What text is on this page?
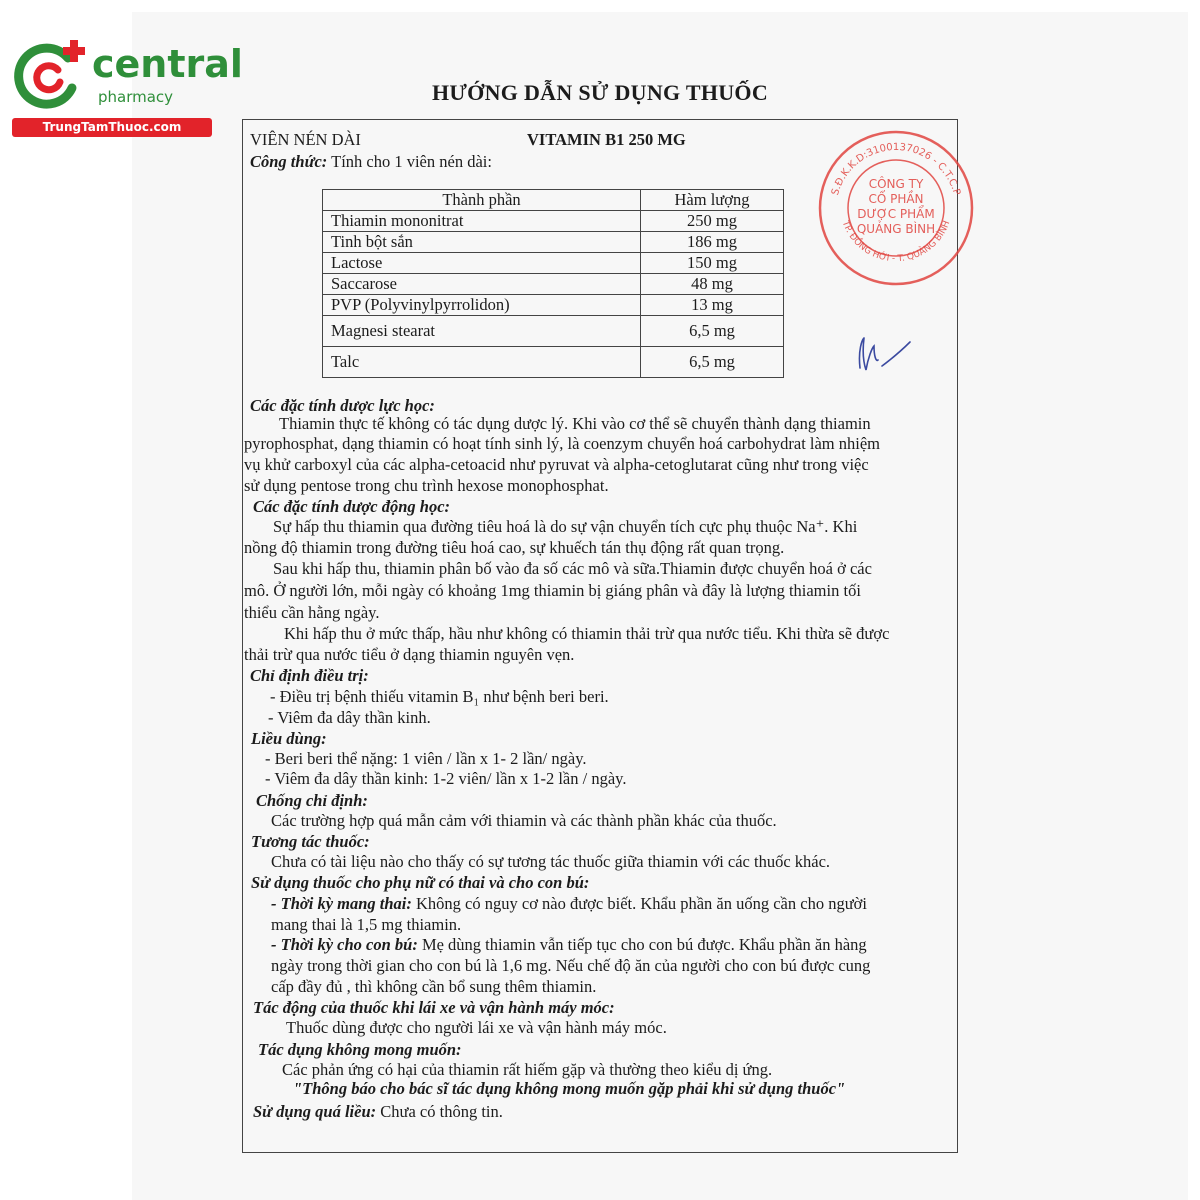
central
pharmacy
TrungTamThuoc.com
HƯỚNG DẪN SỬ DỤNG THUỐC
VIÊN NÉN DÀI	VITAMIN B1 250 MG
Công thức: Tính cho 1 viên nén dài:
Thành phần	Hàm lượng
Thiamin mononitrat	250 mg
Tinh bột sắn	186 mg
Lactose	150 mg
Saccarose	48 mg
PVP (Polyvinylpyrrolidon)	13 mg
Magnesi stearat	6,5 mg
Talc	6,5 mg
S.Đ.K.K.D:3100137026 - C.T.C.P
TP. ĐỒNG HỚI - T. QUẢNG BÌNH
CÔNG TY
CỔ PHẦN
DƯỢC PHẨM
QUẢNG BÌNH
Các đặc tính dược lực học:
Thiamin thực tế không có tác dụng dược lý. Khi vào cơ thể sẽ chuyển thành dạng thiamin
pyrophosphat, dạng thiamin có hoạt tính sinh lý, là coenzym chuyển hoá carbohydrat làm nhiệm
vụ khử carboxyl của các alpha-cetoacid như pyruvat và alpha-cetoglutarat cũng như trong việc
sử dụng pentose trong chu trình hexose monophosphat.
Các đặc tính dược động học:
Sự hấp thu thiamin qua đường tiêu hoá là do sự vận chuyển tích cực phụ thuộc Na⁺. Khi
nồng độ thiamin trong đường tiêu hoá cao, sự khuếch tán thụ động rất quan trọng.
Sau khi hấp thu, thiamin phân bố vào đa số các mô và sữa.Thiamin được chuyển hoá ở các
mô. Ở người lớn, mỗi ngày có khoảng 1mg thiamin bị giáng phân và đây là lượng thiamin tối
thiểu cần hằng ngày.
Khi hấp thu ở mức thấp, hầu như không có thiamin thải trừ qua nước tiểu. Khi thừa sẽ được
thải trừ qua nước tiểu ở dạng thiamin nguyên vẹn.
Chỉ định điều trị:
- Điều trị bệnh thiếu vitamin B₁ như bệnh beri beri.
- Viêm đa dây thần kinh.
Liều dùng:
- Beri beri thể nặng: 1 viên / lần x 1- 2 lần/ ngày.
- Viêm đa dây thần kinh: 1-2 viên/ lần x 1-2 lần / ngày.
Chống chỉ định:
Các trường hợp quá mẫn cảm với thiamin và các thành phần khác của thuốc.
Tương tác thuốc:
Chưa có tài liệu nào cho thấy có sự tương tác thuốc giữa thiamin với các thuốc khác.
Sử dụng thuốc cho phụ nữ có thai và cho con bú:
- Thời kỳ mang thai: Không có nguy cơ nào được biết. Khẩu phần ăn uống cần cho người
mang thai là 1,5 mg thiamin.
- Thời kỳ cho con bú: Mẹ dùng thiamin vẫn tiếp tục cho con bú được. Khẩu phần ăn hàng
ngày trong thời gian cho con bú là 1,6 mg. Nếu chế độ ăn của người cho con bú được cung
cấp đầy đủ , thì không cần bổ sung thêm thiamin.
Tác động của thuốc khi lái xe và vận hành máy móc:
Thuốc dùng được cho người lái xe và vận hành máy móc.
Tác dụng không mong muốn:
Các phản ứng có hại của thiamin rất hiếm gặp và thường theo kiểu dị ứng.
"Thông báo cho bác sĩ tác dụng không mong muốn gặp phải khi sử dụng thuốc"
Sử dụng quá liều: Chưa có thông tin.
